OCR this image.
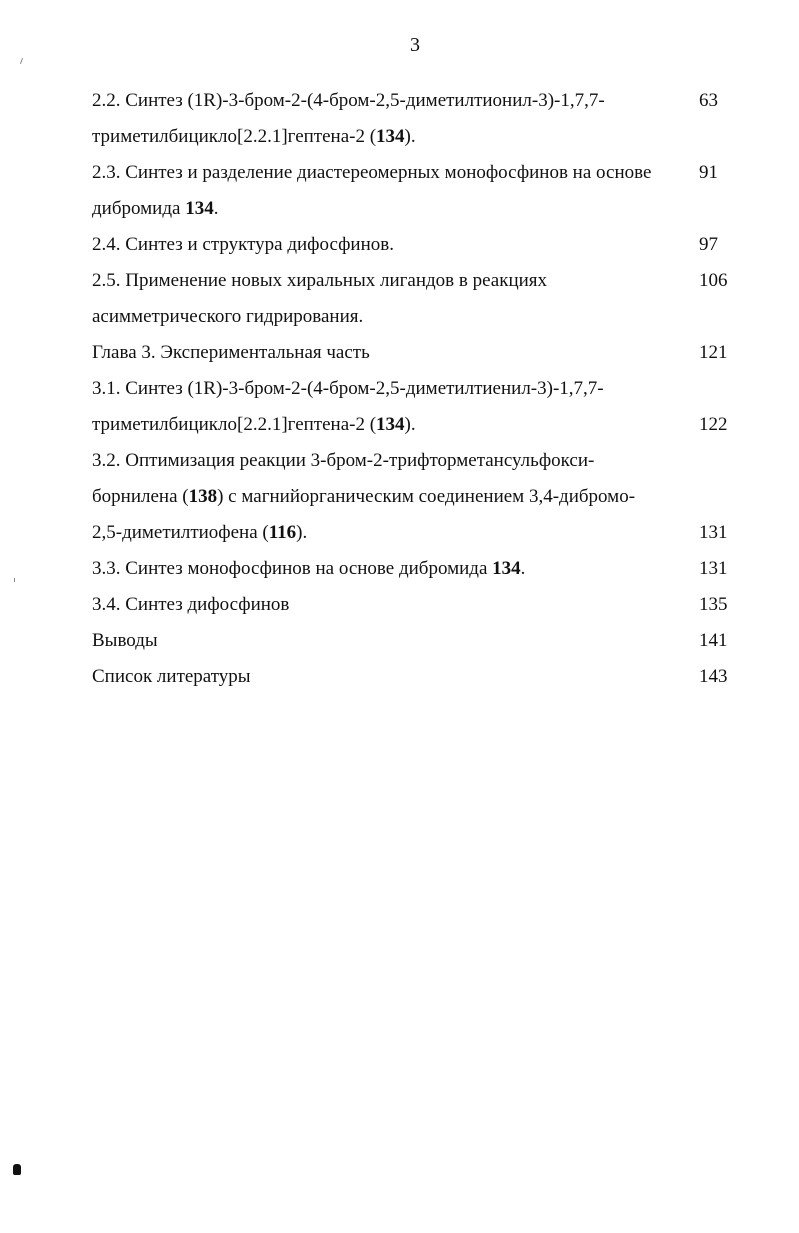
3
2.2. Синтез (1R)-3-бром-2-(4-бром-2,5-диметилтионил-3)-1,7,7-	63
триметилбицикло[2.2.1]гептена-2 (134).
2.3. Синтез и разделение диастереомерных монофосфинов на основе	91
дибромида 134.
2.4. Синтез и структура дифосфинов.	97
2.5. Применение новых хиральных лигандов в реакциях	106
асимметрического гидрирования.
Глава 3. Экспериментальная часть	121
3.1. Синтез (1R)-3-бром-2-(4-бром-2,5-диметилтиенил-3)-1,7,7-
триметилбицикло[2.2.1]гептена-2 (134).	122
3.2. Оптимизация реакции 3-бром-2-трифторметансульфокси-
борнилена (138) с магнийорганическим соединением 3,4-дибромо-
2,5-диметилтиофена (116).	131
3.3. Синтез монофосфинов на основе дибромида 134.	131
3.4. Синтез дифосфинов	135
Выводы	141
Список литературы	143
